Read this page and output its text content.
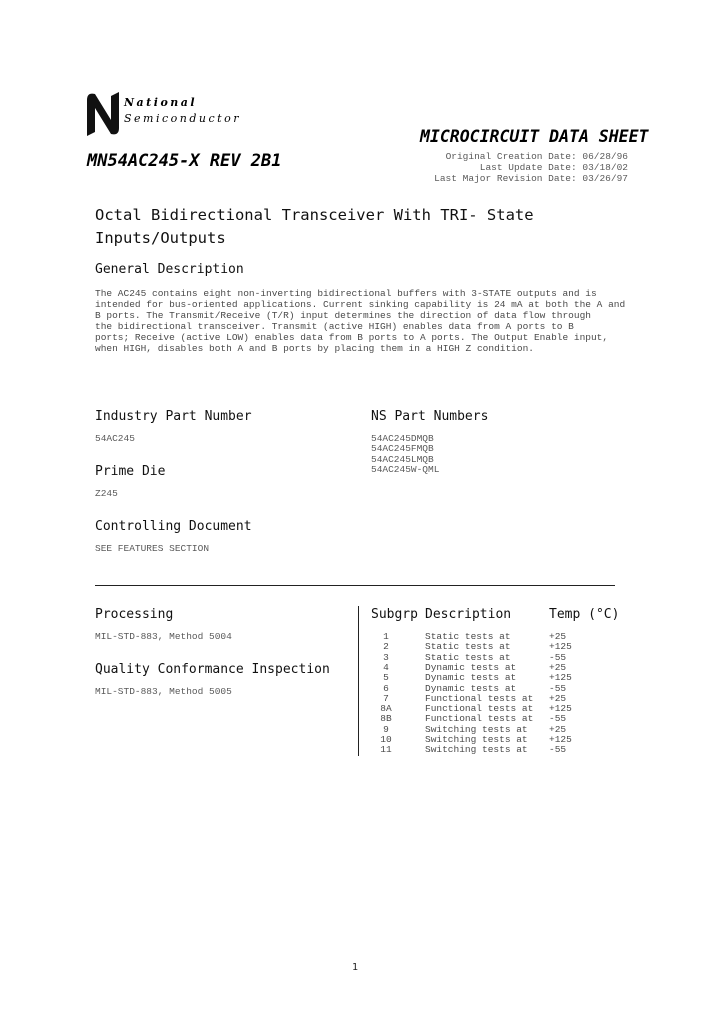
National
Semiconductor
MICROCIRCUIT DATA SHEET
MN54AC245-X REV 2B1	Original Creation Date: 06/28/96
Last Update Date: 03/18/02
Last Major Revision Date: 03/26/97
Octal Bidirectional Transceiver With TRI- State
Inputs/Outputs
General Description
The AC245 contains eight non-inverting bidirectional buffers with 3-STATE outputs and is
intended for bus-oriented applications. Current sinking capability is 24 mA at both the A and
B ports. The Transmit/Receive (T/R) input determines the direction of data flow through
the bidirectional transceiver. Transmit (active HIGH) enables data from A ports to B
ports; Receive (active LOW) enables data from B ports to A ports. The Output Enable input,
when HIGH, disables both A and B ports by placing them in a HIGH Z condition.
Industry Part Number
54AC245
NS Part Numbers
54AC245DMQB
54AC245FMQB
54AC245LMQB
54AC245W-QML
Prime Die
Z245
Controlling Document
SEE FEATURES SECTION
Processing
MIL-STD-883, Method 5004
Quality Conformance Inspection
MIL-STD-883, Method 5005
Subgrp Description	Temp (°C)
1	Static tests at	+25
2	Static tests at	+125
3	Static tests at	-55
4	Dynamic tests at	+25
5	Dynamic tests at	+125
6	Dynamic tests at	-55
7	Functional tests at +25
8A	Functional tests at +125
8B	Functional tests at -55
9	Switching tests at +25
10	Switching tests at +125
11	Switching tests at -55
1
